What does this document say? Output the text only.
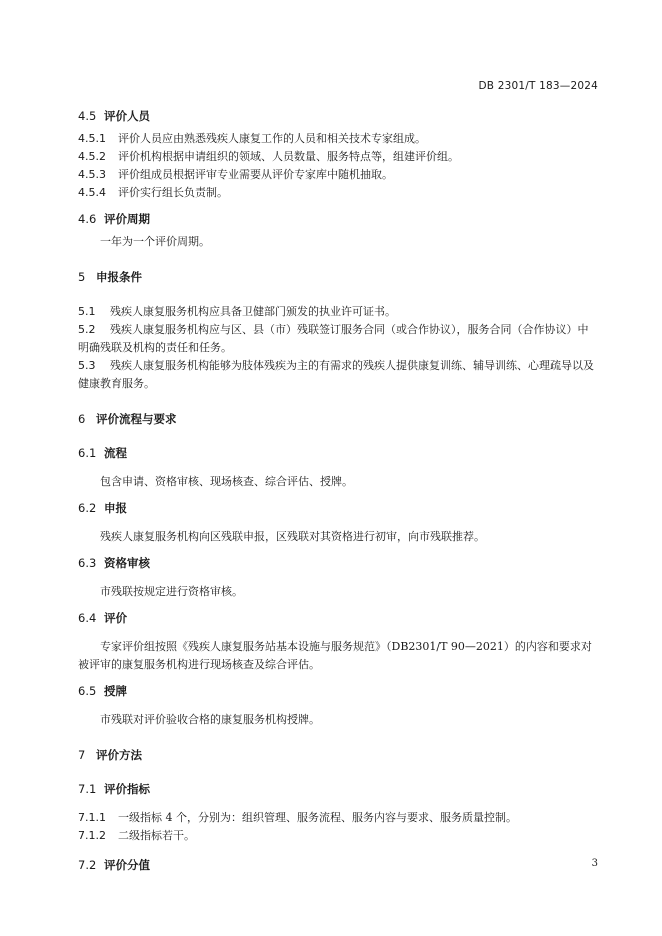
DB 2301/T 183—2024
4.5 评价人员

4.5.1 评价人员应由熟悉残疾人康复工作的人员和相关技术专家组成。

4.5.2 评价机构根据申请组织的领域、人员数量、服务特点等，组建评价组。

4.5.3 评价组成员根据评审专业需要从评价专家库中随机抽取。

4.5.4 评价实行组长负责制。

4.6 评价周期

一年为一个评价周期。

5 申报条件

5.1 残疾人康复服务机构应具备卫健部门颁发的执业许可证书。

5.2 残疾人康复服务机构应与区、县（市）残联签订服务合同（或合作协议），服务合同（合作协议）中明确残联及机构的责任和任务。

5.3 残疾人康复服务机构能够为肢体残疾为主的有需求的残疾人提供康复训练、辅导训练、心理疏导以及健康教育服务。

6 评价流程与要求
6.1 流程

包含申请、资格审核、现场核查、综合评估、授牌。

6.2 申报

残疾人康复服务机构向区残联申报，区残联对其资格进行初审，向市残联推荐。

6.3 资格审核

市残联按规定进行资格审核。

6.4 评价

专家评价组按照《残疾人康复服务站基本设施与服务规范》（DB2301/T 90—2021）的内容和要求对被评审的康复服务机构进行现场核查及综合评估。

6.5 授牌

市残联对评价验收合格的康复服务机构授牌。

7 评价方法
7.1 评价指标

7.1.1 一级指标 4 个，分别为：组织管理、服务流程、服务内容与要求、服务质量控制。

7.1.2 二级指标若干。

7.2 评价分值	3
